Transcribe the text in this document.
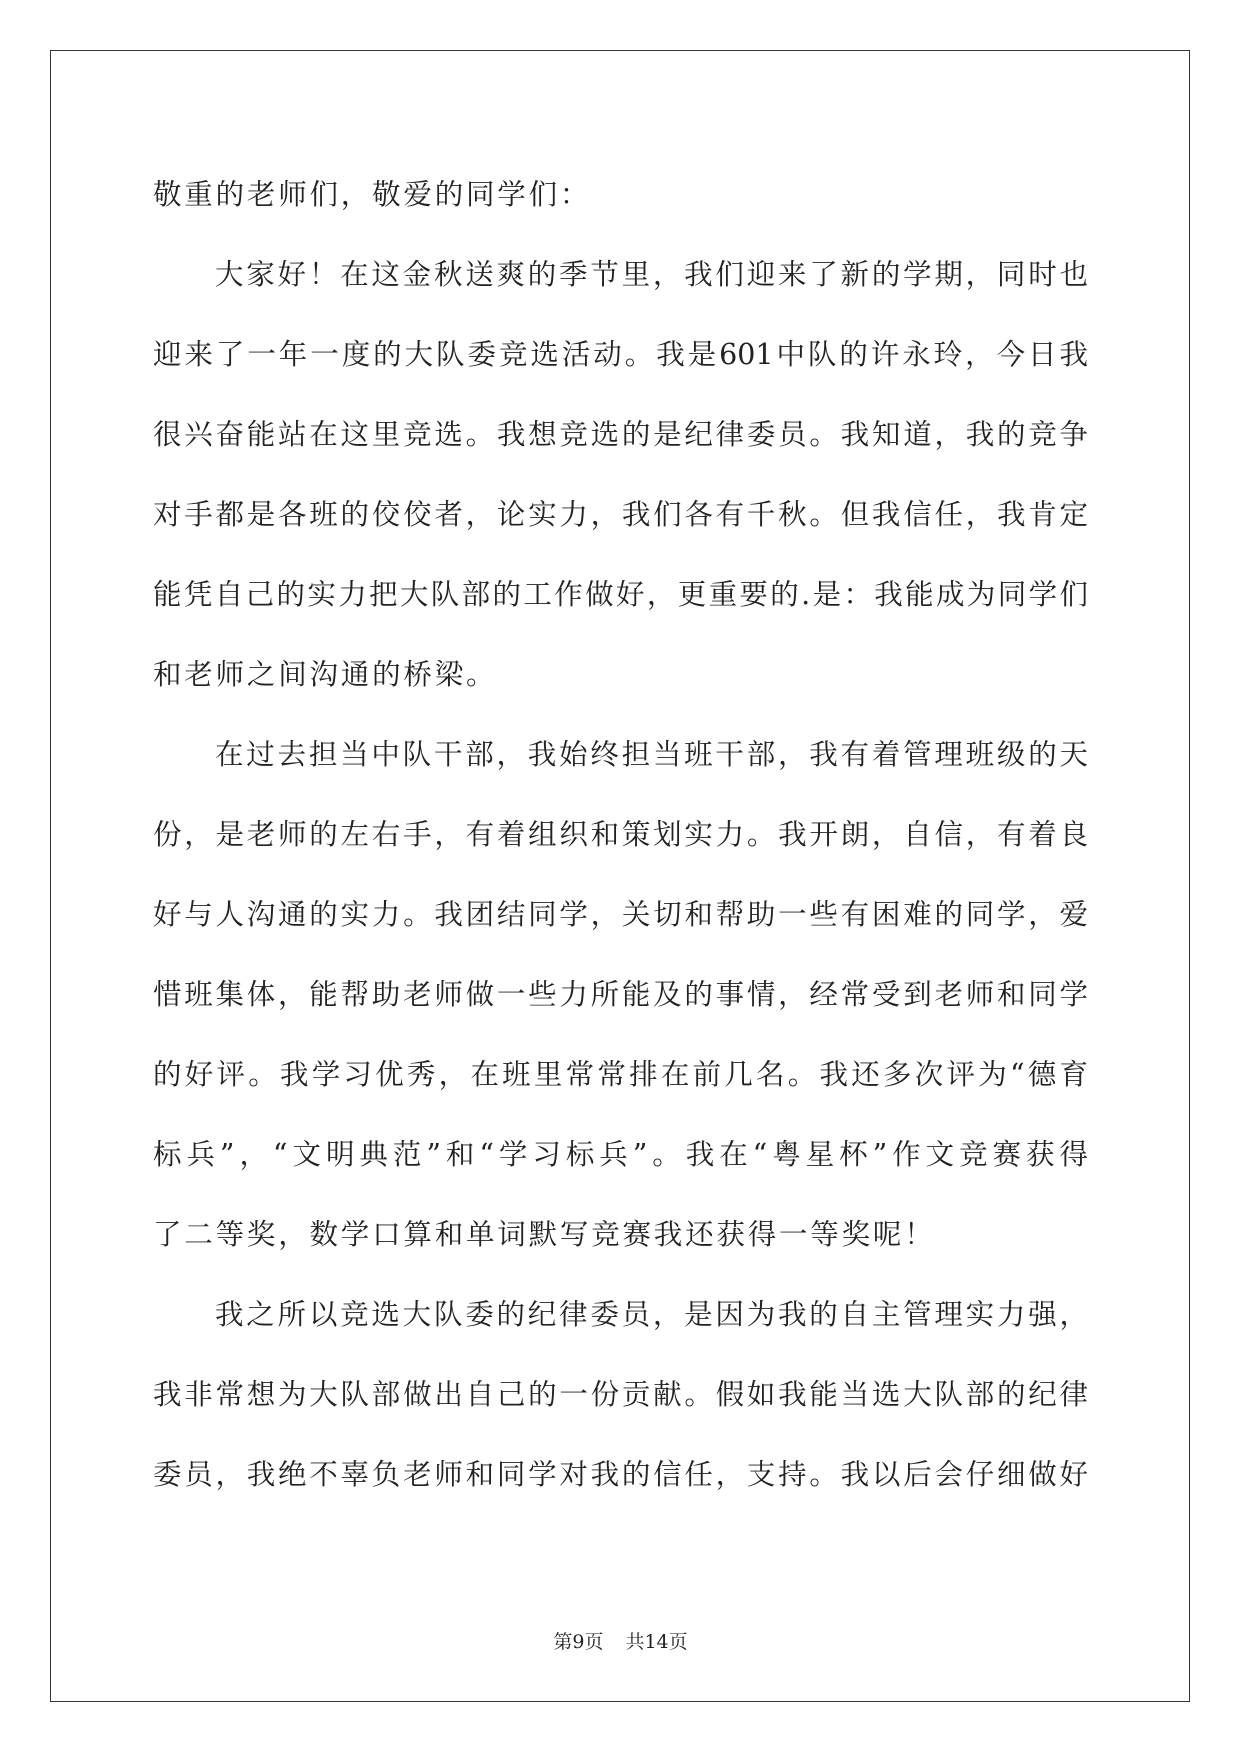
敬重的老师们，敬爱的同学们：
大家好！在这金秋送爽的季节里，我们迎来了新的学期，同时也
迎来了一年一度的大队委竞选活动。我是601中队的许永玲，今日我
很兴奋能站在这里竞选。我想竞选的是纪律委员。我知道，我的竞争
对手都是各班的佼佼者，论实力，我们各有千秋。但我信任，我肯定
能凭自己的实力把大队部的工作做好，更重要的.是：我能成为同学们
和老师之间沟通的桥梁。
在过去担当中队干部，我始终担当班干部，我有着管理班级的天
份，是老师的左右手，有着组织和策划实力。我开朗，自信，有着良
好与人沟通的实力。我团结同学，关切和帮助一些有困难的同学，爱
惜班集体，能帮助老师做一些力所能及的事情，经常受到老师和同学
的好评。我学习优秀，在班里常常排在前几名。我还多次评为“德育
标兵”，“文明典范”和“学习标兵”。我在“粤星杯”作文竞赛获得
了二等奖，数学口算和单词默写竞赛我还获得一等奖呢！
我之所以竞选大队委的纪律委员，是因为我的自主管理实力强，
我非常想为大队部做出自己的一份贡献。假如我能当选大队部的纪律
委员，我绝不辜负老师和同学对我的信任，支持。我以后会仔细做好
第9页 共14页
